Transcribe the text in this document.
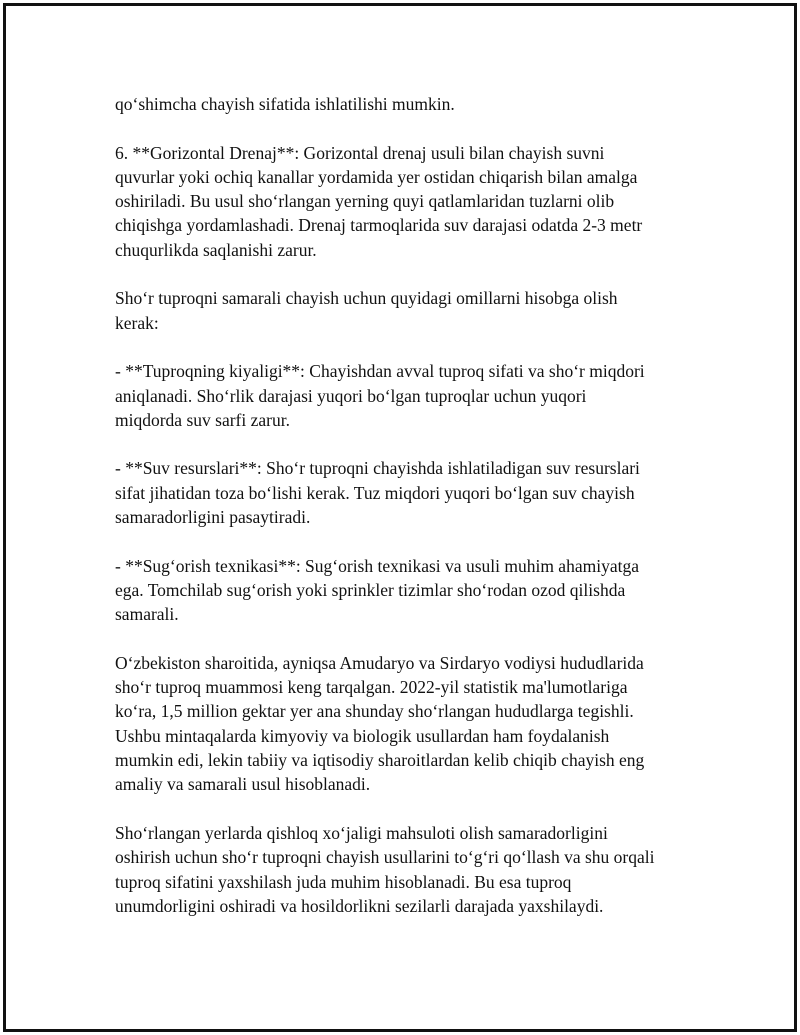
qo‘shimcha chayish sifatida ishlatilishi mumkin.

6. **Gorizontal Drenaj**: Gorizontal drenaj usuli bilan chayish suvni
quvurlar yoki ochiq kanallar yordamida yer ostidan chiqarish bilan amalga
oshiriladi. Bu usul sho‘rlangan yerning quyi qatlamlaridan tuzlarni olib
chiqishga yordamlashadi. Drenaj tarmoqlarida suv darajasi odatda 2-3 metr
chuqurlikda saqlanishi zarur.

Sho‘r tuproqni samarali chayish uchun quyidagi omillarni hisobga olish
kerak:

- **Tuproqning kiyaligi**: Chayishdan avval tuproq sifati va sho‘r miqdori
aniqlanadi. Sho‘rlik darajasi yuqori bo‘lgan tuproqlar uchun yuqori
miqdorda suv sarfi zarur.

- **Suv resurslari**: Sho‘r tuproqni chayishda ishlatiladigan suv resurslari
sifat jihatidan toza bo‘lishi kerak. Tuz miqdori yuqori bo‘lgan suv chayish
samaradorligini pasaytiradi.

- **Sug‘orish texnikasi**: Sug‘orish texnikasi va usuli muhim ahamiyatga
ega. Tomchilab sug‘orish yoki sprinkler tizimlar sho‘rodan ozod qilishda
samarali.

O‘zbekiston sharoitida, ayniqsa Amudaryo va Sirdaryo vodiysi hududlarida
sho‘r tuproq muammosi keng tarqalgan. 2022-yil statistik ma'lumotlariga
ko‘ra, 1,5 million gektar yer ana shunday sho‘rlangan hududlarga tegishli.
Ushbu mintaqalarda kimyoviy va biologik usullardan ham foydalanish
mumkin edi, lekin tabiiy va iqtisodiy sharoitlardan kelib chiqib chayish eng
amaliy va samarali usul hisoblanadi.

Sho‘rlangan yerlarda qishloq xo‘jaligi mahsuloti olish samaradorligini
oshirish uchun sho‘r tuproqni chayish usullarini to‘g‘ri qo‘llash va shu orqali
tuproq sifatini yaxshilash juda muhim hisoblanadi. Bu esa tuproq
unumdorligini oshiradi va hosildorlikni sezilarli darajada yaxshilaydi.
